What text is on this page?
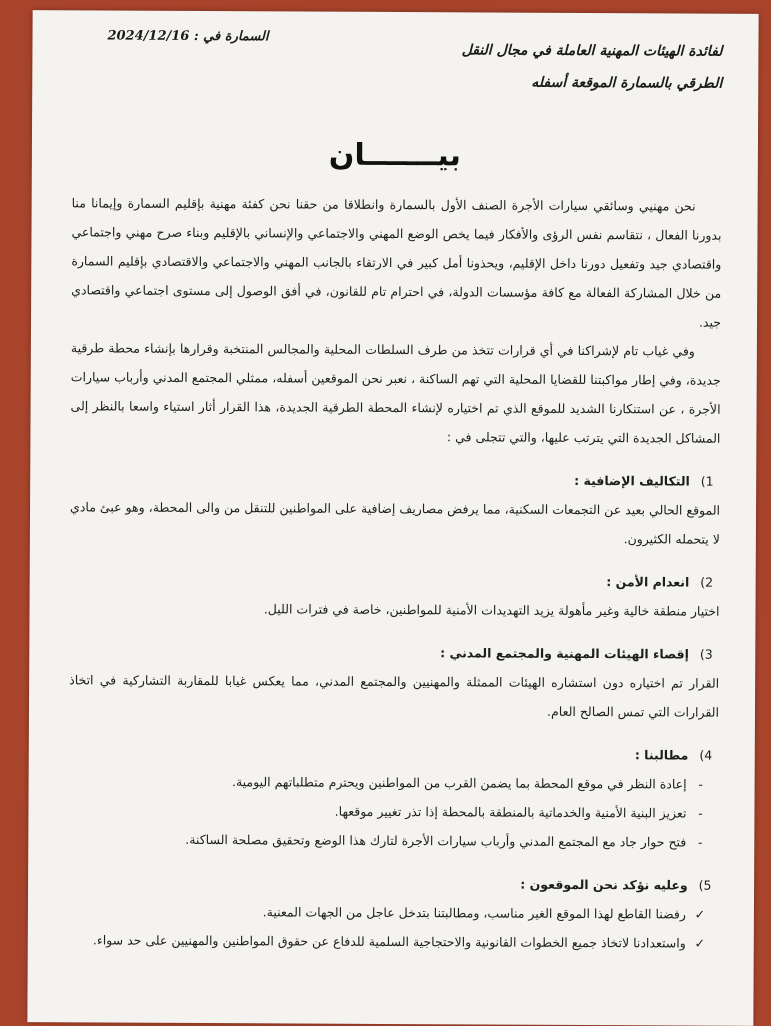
لفائدة الهيئات المهنية العاملة في مجال النقل
الطرقي بالسمارة الموقعة أسفله
السمارة في : 2024/12/16
بيـــــــان

نحن مهنيي وسائقي سيارات الأجرة الصنف الأول بالسمارة وانطلاقا من حقنا نحن كفئة مهنية بإقليم السمارة وإيمانا منا بدورنا الفعال ، نتقاسم نفس الرؤى والأفكار فيما يخص الوضع المهني والاجتماعي والإنساني بالإقليم وبناء صرح مهني واجتماعي واقتصادي جيد وتفعيل دورنا داخل الإقليم، ويحذونا أمل كبير في الارتقاء بالجانب المهني والاجتماعي والاقتصادي بإقليم السمارة من خلال المشاركة الفعالة مع كافة مؤسسات الدولة، في احترام تام للقانون، في أفق الوصول إلى مستوى اجتماعي واقتصادي جيد.

وفي غياب تام لإشراكنا في أي قرارات تتخذ من طرف السلطات المحلية والمجالس المنتخبة وقرارها بإنشاء محطة طرقية جديدة، وفي إطار مواكبتنا للقضايا المحلية التي تهم الساكنة ، نعبر نحن الموقعين أسفله، ممثلي المجتمع المدني وأرباب سيارات الأجرة ، عن استنكارنا الشديد للموقع الذي تم اختياره لإنشاء المحطة الطرقية الجديدة، هذا القرار أثار استياء واسعا بالنظر إلى المشاكل الجديدة التي يترتب عليها، والتي تتجلى في :

1) التكاليف الإضافية :

الموقع الحالي بعيد عن التجمعات السكنية، مما يرفض مصاريف إضافية على المواطنين للتنقل من والى المحطة، وهو عبئ مادي لا يتحمله الكثيرون.

2) انعدام الأمن :

اختيار منطقة خالية وغير مأهولة يزيد التهديدات الأمنية للمواطنين، خاصة في فترات الليل.

3) إقصاء الهيئات المهنية والمجتمع المدني :

القرار تم اختياره دون استشاره الهيئات الممثلة والمهنيين والمجتمع المدني، مما يعكس غيابا للمقاربة التشاركية في اتخاذ القرارات التي تمس الصالح العام.

4) مطالبنا :

-
إعادة النظر في موقع المحطة بما يضمن القرب من المواطنين ويحترم متطلباتهم اليومية.
-
تعزيز البنية الأمنية والخدماتية بالمنطقة بالمحطة إذا تذر تغيير موقعها.
-
فتح حوار جاد مع المجتمع المدني وأرباب سيارات الأجرة لتارك هذا الوضع وتحقيق مصلحة الساكنة.

5) وعليه نؤكد نحن الموقعون :

✓
رفضنا القاطع لهذا الموقع الغير مناسب، ومطالبتنا بتدخل عاجل من الجهات المعنية.
✓
واستعدادنا لاتخاذ جميع الخطوات القانونية والاحتجاجية السلمية للدفاع عن حقوق المواطنين والمهنيين على حد سواء.
